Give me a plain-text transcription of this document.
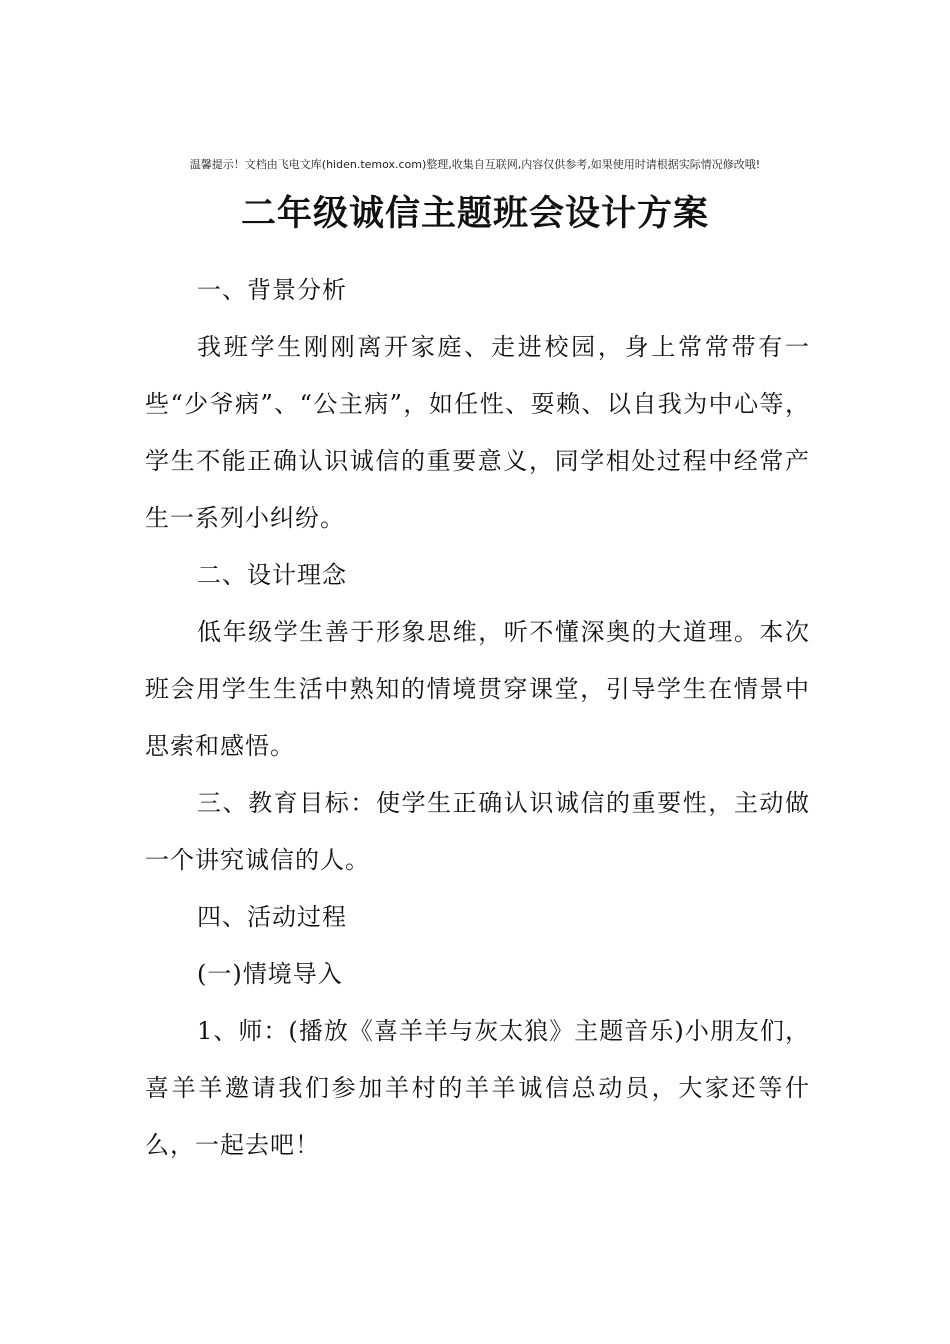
温馨提示！文档由飞电文库(hiden.temox.com)整理,收集自互联网,内容仅供参考,如果使用时请根据实际情况修改哦!
二年级诚信主题班会设计方案

一、背景分析

我班学生刚刚离开家庭、走进校园，身上常常带有一些“少爷病”、“公主病”，如任性、耍赖、以自我为中心等，学生不能正确认识诚信的重要意义，同学相处过程中经常产生一系列小纠纷。

二、设计理念

低年级学生善于形象思维，听不懂深奥的大道理。本次班会用学生生活中熟知的情境贯穿课堂，引导学生在情景中思索和感悟。

三、教育目标：使学生正确认识诚信的重要性，主动做一个讲究诚信的人。

四、活动过程

(一)情境导入

1、师：(播放《喜羊羊与灰太狼》主题音乐)小朋友们，喜羊羊邀请我们参加羊村的羊羊诚信总动员，大家还等什么，一起去吧！
